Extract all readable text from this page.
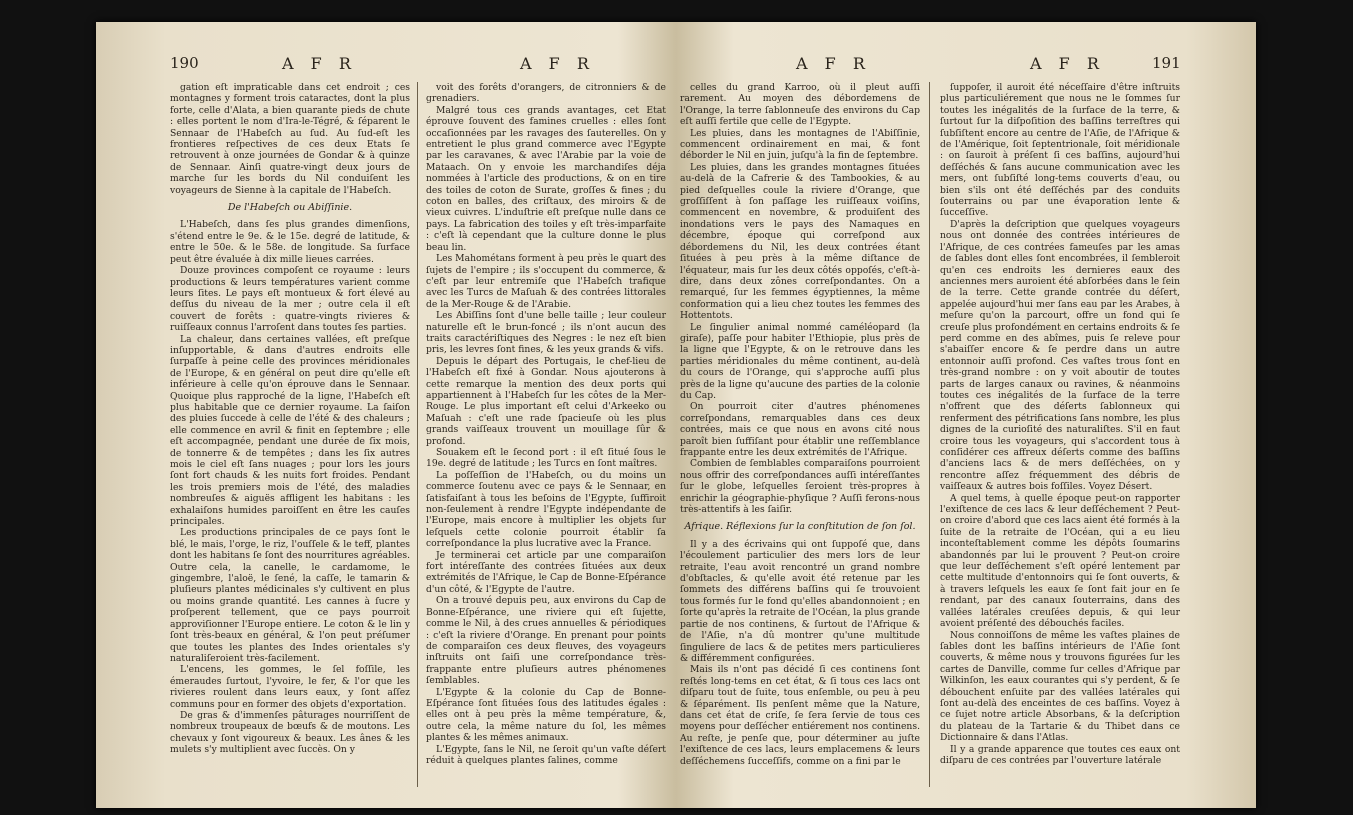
190	A F R	A F R

gation eſt impraticable dans cet endroit ; ces montagnes y forment trois cataractes, dont la plus forte, celle d'Alata, a bien quarante pieds de chute : elles portent le nom d'Ira-le-Tégré, & ſéparent le Sennaar de l'Habeſch au ſud. Au ſud-eſt les frontieres reſpectives de ces deux Etats ſe retrouvent à onze journées de Gondar & à quinze de Sennaar. Ainſi quatre-vingt deux jours de marche ſur les bords du Nil conduiſent les voyageurs de Sienne à la capitale de l'Habeſch.

De l'Habeſch ou Abiſſinie.

L'Habeſch, dans ſes plus grandes dimenſions, s'étend entre le 9e. & le 15e. degré de latitude, & entre le 50e. & le 58e. de longitude. Sa ſurface peut être évaluée à dix mille lieues carrées.

Douze provinces compoſent ce royaume : leurs productions & leurs températures varient comme leurs ſites. Le pays eſt montueux & fort élevé au deſſus du niveau de la mer ; outre cela il eſt couvert de forêts : quatre-vingts rivieres & ruiſſeaux connus l'arroſent dans toutes ſes parties.

La chaleur, dans certaines vallées, eſt preſque inſupportable, & dans d'autres endroits elle ſurpaſſe à peine celle des provinces méridionales de l'Europe, & en général on peut dire qu'elle eſt inférieure à celle qu'on éprouve dans le Sennaar. Quoique plus rapproché de la ligne, l'Habeſch eſt plus habitable que ce dernier royaume. La ſaiſon des pluies ſuccede à celle de l'été & des chaleurs ; elle commence en avril & finit en ſeptembre ; elle eſt accompagnée, pendant une durée de ſix mois, de tonnerre & de tempêtes ; dans les ſix autres mois le ciel eſt ſans nuages ; pour lors les jours ſont fort chauds & les nuits fort froides. Pendant les trois premiers mois de l'été, des maladies nombreuſes & aiguës affligent les habitans : les exhalaiſons humides paroiſſent en être les cauſes principales.

Les productions principales de ce pays ſont le blé, le mais, l'orge, le riz, l'ouſſele & le teff, plantes dont les habitans ſe ſont des nourritures agréables. Outre cela, la canelle, le cardamome, le gingembre, l'aloë, le ſené, la caſſe, le tamarin & pluſieurs plantes médicinales s'y cultivent en plus ou moins grande quantité. Les cannes à ſucre y proſperent tellement, que ce pays pourroit approviſionner l'Europe entiere. Le coton & le lin y ſont très-beaux en général, & l'on peut préſumer que toutes les plantes des Indes orientales s'y naturaliſeroient très-facilement.

L'encens, les gommes, le ſel foſſile, les émeraudes ſurtout, l'yvoire, le fer, & l'or que les rivieres roulent dans leurs eaux, y ſont aſſez communs pour en former des objets d'exportation.

De gras & d'immenſes pâturages nourriſſent de nombreux troupeaux de bœufs & de moutons. Les chevaux y ſont vigoureux & beaux. Les ânes & les mulets s'y multiplient avec ſuccès. On y

voit des forêts d'orangers, de citronniers & de grenadiers.

Malgré tous ces grands avantages, cet Etat éprouve ſouvent des famines cruelles : elles ſont occaſionnées par les ravages des ſauterelles. On y entretient le plus grand commerce avec l'Egypte par les caravanes, & avec l'Arabie par la voie de Mataach. On y envoie les marchandiſes déja nommées à l'article des productions, & on en tire des toiles de coton de Surate, groſſes & fines ; du coton en balles, des criſtaux, des miroirs & de vieux cuivres. L'induſtrie eſt preſque nulle dans ce pays. La fabrication des toiles y eſt très-imparfaite : c'eſt là cependant que la culture donne le plus beau lin.

Les Mahométans forment à peu près le quart des ſujets de l'empire ; ils s'occupent du commerce, & c'eſt par leur entremiſe que l'Habeſch trafique avec les Turcs de Maſuah & des contrées littorales de la Mer-Rouge & de l'Arabie.

Les Abiſſins ſont d'une belle taille ; leur couleur naturelle eſt le brun-foncé ; ils n'ont aucun des traits caractériſtiques des Negres : le nez eſt bien pris, les levres ſont fines, & les yeux grands & vifs.

Depuis le départ des Portugais, le chef-lieu de l'Habeſch eſt fixé à Gondar. Nous ajouterons à cette remarque la mention des deux ports qui appartiennent à l'Habeſch ſur les côtes de la Mer-Rouge. Le plus important eſt celui d'Arkeeko ou Maſuah : c'eſt une rade ſpacieuſe où les plus grands vaiſſeaux trouvent un mouillage ſûr & profond.

Souakem eſt le ſecond port : il eſt ſitué ſous le 19e. degré de latitude ; les Turcs en ſont maîtres.

La poſſeſſion de l'Habeſch, ou du moins un commerce ſoutenu avec ce pays & le Sennaar, en ſatisfaiſant à tous les beſoins de l'Egypte, ſuffiroit non-ſeulement à rendre l'Egypte indépendante de l'Europe, mais encore à multiplier les objets ſur leſquels cette colonie pourroit établir ſa correſpondance la plus lucrative avec la France.

Je terminerai cet article par une comparaiſon fort intéreſſante des contrées ſituées aux deux extrémités de l'Afrique, le Cap de Bonne-Eſpérance d'un côté, & l'Egypte de l'autre.

On a trouvé depuis peu, aux environs du Cap de Bonne-Eſpérance, une riviere qui eſt ſujette, comme le Nil, à des crues annuelles & périodiques : c'eſt la riviere d'Orange. En prenant pour points de comparaiſon ces deux fleuves, des voyageurs inſtruits ont ſaiſi une correſpondance très-frappante entre pluſieurs autres phénomenes ſemblables.

L'Egypte & la colonie du Cap de Bonne-Eſpérance ſont ſituées ſous des latitudes égales : elles ont à peu près la même température, &, outre cela, la même nature du ſol, les mêmes plantes & les mêmes animaux.

L'Egypte, ſans le Nil, ne ſeroit qu'un vaſte déſert réduit à quelques plantes ſalines, comme

A F R	A F R	191

celles du grand Karroo, où il pleut auſſi rarement. Au moyen des débordemens de l'Orange, la terre ſablonneuſe des environs du Cap eſt auſſi fertile que celle de l'Egypte.

Les pluies, dans les montagnes de l'Abiſſinie, commencent ordinairement en mai, & font déborder le Nil en juin, juſqu'à la fin de ſeptembre.

Les pluies, dans les grandes montagnes ſituées au-delà de la Cafrerie & des Tambookies, & au pied deſquelles coule la riviere d'Orange, que groſſiſſent à ſon paſſage les ruiſſeaux voiſins, commencent en novembre, & produiſent des inondations vers le pays des Namaques en décembre, époque qui correſpond aux débordemens du Nil, les deux contrées étant ſituées à peu près à la même diſtance de l'équateur, mais ſur les deux côtés oppoſés, c'eſt-à-dire, dans deux zônes correſpondantes. On a remarqué, ſur les femmes égyptiennes, la même conformation qui a lieu chez toutes les femmes des Hottentots.

Le ſingulier animal nommé caméléopard (la giraſe), paſſe pour habiter l'Ethiopie, plus près de la ligne que l'Egypte, & on le retrouve dans les parties méridionales du même continent, au-delà du cours de l'Orange, qui s'approche auſſi plus près de la ligne qu'aucune des parties de la colonie du Cap.

On pourroit citer d'autres phénomenes correſpondans, remarquables dans ces deux contrées, mais ce que nous en avons cité nous paroît bien ſuffiſant pour établir une reſſemblance frappante entre les deux extrémités de l'Afrique.

Combien de ſemblables comparaiſons pourroient nous offrir des correſpondances auſſi intéreſſantes ſur le globe, leſquelles ſeroient très-propres à enrichir la géographie-phyſique ? Auſſi ferons-nous très-attentifs à les ſaiſir.

Afrique. Réflexions ſur la conſtitution de ſon ſol.

Il y a des écrivains qui ont ſuppoſé que, dans l'écoulement particulier des mers lors de leur retraite, l'eau avoit rencontré un grand nombre d'obſtacles, & qu'elle avoit été retenue par les ſommets des différens baſſins qui ſe trouvoient tous formés ſur le fond qu'elles abandonnoient ; en ſorte qu'après la retraite de l'Océan, la plus grande partie de nos continens, & ſurtout de l'Afrique & de l'Aſie, n'a dû montrer qu'une multitude ſinguliere de lacs & de petites mers particulieres & différemment configurées.

Mais ils n'ont pas décidé ſi ces continens ſont reſtés long-tems en cet état, & ſi tous ces lacs ont diſparu tout de ſuite, tous enſemble, ou peu à peu & ſéparément. Ils penſent même que la Nature, dans cet état de criſe, ſe ſera ſervie de tous ces moyens pour deſſécher entiérement nos continens. Au reſte, je penſe que, pour déterminer au juſte l'exiſtence de ces lacs, leurs emplacemens & leurs deſſéchemens ſucceſſifs, comme on a fini par le

ſuppoſer, il auroit été néceſſaire d'être inſtruits plus particuliérement que nous ne le ſommes ſur toutes les inégalités de la ſurface de la terre, & ſurtout ſur la diſpoſition des baſſins terreſtres qui ſubſiſtent encore au centre de l'Aſie, de l'Afrique & de l'Amérique, ſoit ſeptentrionale, ſoit méridionale : on ſauroit à préſent ſi ces baſſins, aujourd'hui deſſéchés & ſans aucune communication avec les mers, ont ſubſiſté long-tems couverts d'eau, ou bien s'ils ont été deſſéchés par des conduits ſouterrains ou par une évaporation lente & ſucceſſive.

D'après la deſcription que quelques voyageurs nous ont donnée des contrées intérieures de l'Afrique, de ces contrées fameuſes par les amas de ſables dont elles ſont encombrées, il ſembleroit qu'en ces endroits les dernieres eaux des anciennes mers auroient été abſorbées dans le ſein de la terre. Cette grande contrée du déſert, appelée aujourd'hui mer ſans eau par les Arabes, à meſure qu'on la parcourt, offre un fond qui ſe creuſe plus profondément en certains endroits & ſe perd comme en des abîmes, puis ſe releve pour s'abaiſſer encore & ſe perdre dans un autre entonnoir auſſi profond. Ces vaſtes trous ſont en très-grand nombre : on y voit aboutir de toutes parts de larges canaux ou ravines, & néanmoins toutes ces inégalités de la ſurface de la terre n'offrent que des déſerts ſablonneux qui renferment des pétrifications ſans nombre, les plus dignes de la curioſité des naturaliſtes. S'il en faut croire tous les voyageurs, qui s'accordent tous à conſidérer ces affreux déſerts comme des baſſins d'anciens lacs & de mers deſſéchées, on y rencontre aſſez fréquemment des débris de vaiſſeaux & autres bois foſſiles. Voyez Désert.

A quel tems, à quelle époque peut-on rapporter l'exiſtence de ces lacs & leur deſſéchement ? Peut-on croire d'abord que ces lacs aient été formés à la ſuite de la retraite de l'Océan, qui a eu lieu inconteſtablement comme les dépôts ſoumarins abandonnés par lui le prouvent ? Peut-on croire que leur deſſéchement s'eſt opéré lentement par cette multitude d'entonnoirs qui ſe ſont ouverts, & à travers leſquels les eaux ſe ſont fait jour en ſe rendant, par des canaux ſouterrains, dans des vallées latérales creuſées depuis, & qui leur avoient préſenté des débouchés faciles.

Nous connoiſſons de même les vaſtes plaines de ſables dont les baſſins intérieurs de l'Aſie ſont couverts, & même nous y trouvons figurées ſur les cartes de Danville, comme ſur celles d'Afrique par Wilkinſon, les eaux courantes qui s'y perdent, & ſe débouchent enſuite par des vallées latérales qui ſont au-delà des enceintes de ces baſſins. Voyez à ce ſujet notre article Absorbans, & la deſcription du plateau de la Tartarie & du Thibet dans ce Dictionnaire & dans l'Atlas.

Il y a grande apparence que toutes ces eaux ont diſparu de ces contrées par l'ouverture latérale
